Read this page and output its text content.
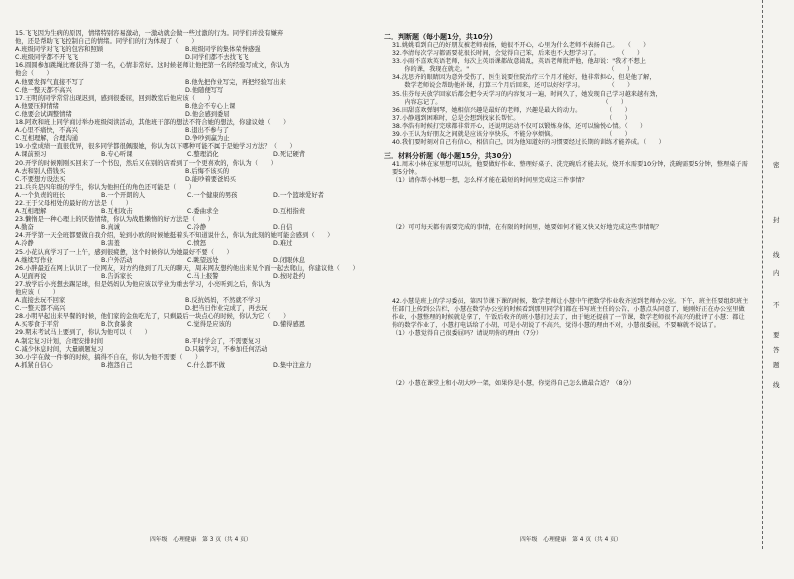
15.飞飞因为生病的原因，情绪特别容易激动，一激动就会做一些过激的行为。同学们并没有嫌弃
他，还是帮助飞飞控制自己的情绪。同学们的行为体现了（　　）
A.班级同学对飞飞的包容和照顾	B.班级同学的集体荣誉感强
C.班级同学都不开飞飞	D.同学们都不去找飞飞
16.圆圆参加跳绳比赛获得了第一名，心情非常好。这时候老师让他把第一名的经验写成文，你认为
他会（　　）
A.他要发挥气直接不写了	B.他先把作业写完，再把经验写出来
C.他一整天都不高兴	D.他随便写写
17.王明的同学常常出现迟到，感到很委屈，回到教室后他应该（　　）
A.他要压抑情绪	B.他会不专心上课
C.他要会试调整情绪	D.他会感到委屈
18.阿欢和班上同学商讨举办班级阅读活动，其他班干部的想法不符合她的想法，你建议她（　　）
A.心里不痛快，不高兴	B.退出不参与了
C.互相理解，合理沟通	D.争吵到赢为止
19.小堂成绩一直很优异，很多同学都很佩服她，你认为以下哪种可能不属于是她学习方法？（　　）
A.课前预习	B.专心听课	C.整理消化	D.死记硬背
20.开学的时候刚刚买回来了一个书包，然后又在别的店看到了一个更喜欢的，你认为（　　）
A.去和别人借钱买	B.后悔不该买的
C.不要想方设法买	D.能吵着要爸妈买
21.兵兵是四年级的学生，你认为他担任的角色还可能是（　　）
A.一个负责的班长	B.一个开朗的人	C.一个健康的男孩	D.一个篮球爱好者
22.王于父母相处的最好的方法是（　　）
A.互相理解	B.互相攻击	C.委曲求全	D.互相指责
23.懒惰是一种心理上的厌倦情绪，你认为战胜懒惰的好方法是（　　）
A.勤奋	B.真诚	C.冷静	D.自信
24.开学第一天全班都要做自我介绍，轮到小欧的时候她挺着头不知道说什么，你认为此刻的她可能会感到（　　）
A.冷静	B.害羞	C.愤怒	D.难过
25.小花认真学习了一上午，感到很疲惫，这个时候你认为她最好不要（　　）
A.继续写作业	B.户外活动	C.眺望远处	D.闭眼休息
26.小胖最近在网上认识了一位网友，对方约他到了几天的聊天，周末网友想约他出来见个面一起去爬山，你建议他（　　）
A.见面再说	B.告诉家长	C.马上报警	D.按时赴约
27.放学后小亮想去踢足球，但是妈妈认为他应该以学业为重去学习，小亮听到之后，你认为
他应该（　　）
A.直接去玩不回家	B.反抗妈妈，不然就不学习
C.一整天都不高兴	D.把当日作业完成了，再去玩
28.小明早起出来早餐的时候，他们家的金鱼吃光了，只剩最后一块点心的时候，你认为它（　　）
A.买零食于平常	B.饮食暴食	C.觉得是应该的	D.懂得感恩
29.期末考试马上要到了，你认为他可以（　　）
A.制定复习计划，合理安排时间	B.平时学会了，不需要复习
C.减少休息时间，大量刷题复习	D.只稿学习，不参加任何活动
30.小宇在做一件事的时候，搞得不自在，你认为他不需要（　　）
A.抓紧自信心	B.抱怨自己	C.什么都不做	D.集中注意力
二．判断题（每小题1分，共10分）
31.姚姚看到自己的好朋友被老师表扬，她很不开心，心里为什么老师不表扬自己。　　（　　）
32.李清每次学习都需要花很长时间，会觉得自己笨，后来也不大想学习了。　　　　（　　）
33.小雨不喜欢英语老师，每次上英语课都故意捣乱，英语老师批评他，他却说："我才不想上
　　你的课，我现在就走。"　　　　　　　　　　　　　　　　　　　　　　　（　　）
34.沈思齐的眼睛因为意外受伤了，医生说要住院治疗三个月才能好，他非常担心，但是他了解，
　　数学老师说会帮助他补课，打算三个月后回来，还可以好好学习。　　　　　（　　）
35.佳芬每天放学回家后都会把今天学习的内容复习一遍，时间久了，她发现自己学习越来越有劲，
　　内容忘记了。　　　　　　　　　　　　　　　　　　　　　　　　　　　（　　）
36.田甜喜欢弹钢琴，她相信兴趣是最好的老师，兴趣是最大的动力。　　　　　（　　）
37.小静遇到困难时，总是会想到找家长帮忙。　　　　　　　　　　　　　　　（　　）
38.李浩有时候打完球都非常开心，还说明运动不仅可以锻炼身体，还可以愉悦心情。（　　）
39.小王认为好朋友之间就是应该分享快乐，不能分享烦恼。　　　　　　　　　（　　）
40.我们要时刻对自己有信心，相信自己，因为他知道好的习惯要经过长期的训练才能养成。（　　）
三．材料分析题（每小题15分，共30分）
41.周末小林在家里想可以玩，他要做好作业、整理好桌子、洗完碗后才能去玩，烧开水需要10分钟，洗碗需要5分钟，整理桌子需要5分钟。
（1）请你帮小林想一想，怎么样才能在最短的时间里完成这三件事情？
（2）可可每天都有需要完成的事情，在有限的时间里，她要如何才能又快又好地完成这些事情呢？
42.小慧是班上的学习委员，第四节课下课的时候，数学老师让小慧中午把数学作业收齐送到老师办公室。下午，班主任要组织班主任部门上传到公告栏，小慧在数学办公室的时候看到那里同学们都在书写班主任的公告，小慧点头同意了，她刚好正在办公室里做作业，小慧整理的时候就是拿了，午饭后收齐的班小慧打过去了，由于她还提前了一节课，数学老师很不高兴的批评了小慧：都让你的数学作业了，小慧打电话给了小胡，可是小胡说了不高兴，觉得小慧的理由不对，小慧很委屈，不要嘛就不说话了。
（1）小慧觉得自己很委屈吗？请说明你的理由（7分）
（2）小慧在课堂上和小胡大吵一架，如果你是小慧，你觉得自己怎么做最合适？（8分）
四年级　心理健康　第 3 页（共 4 页）	四年级　心理健康　第 4 页（共 4 页）
密
封
线
内
不
要
答
题
线
